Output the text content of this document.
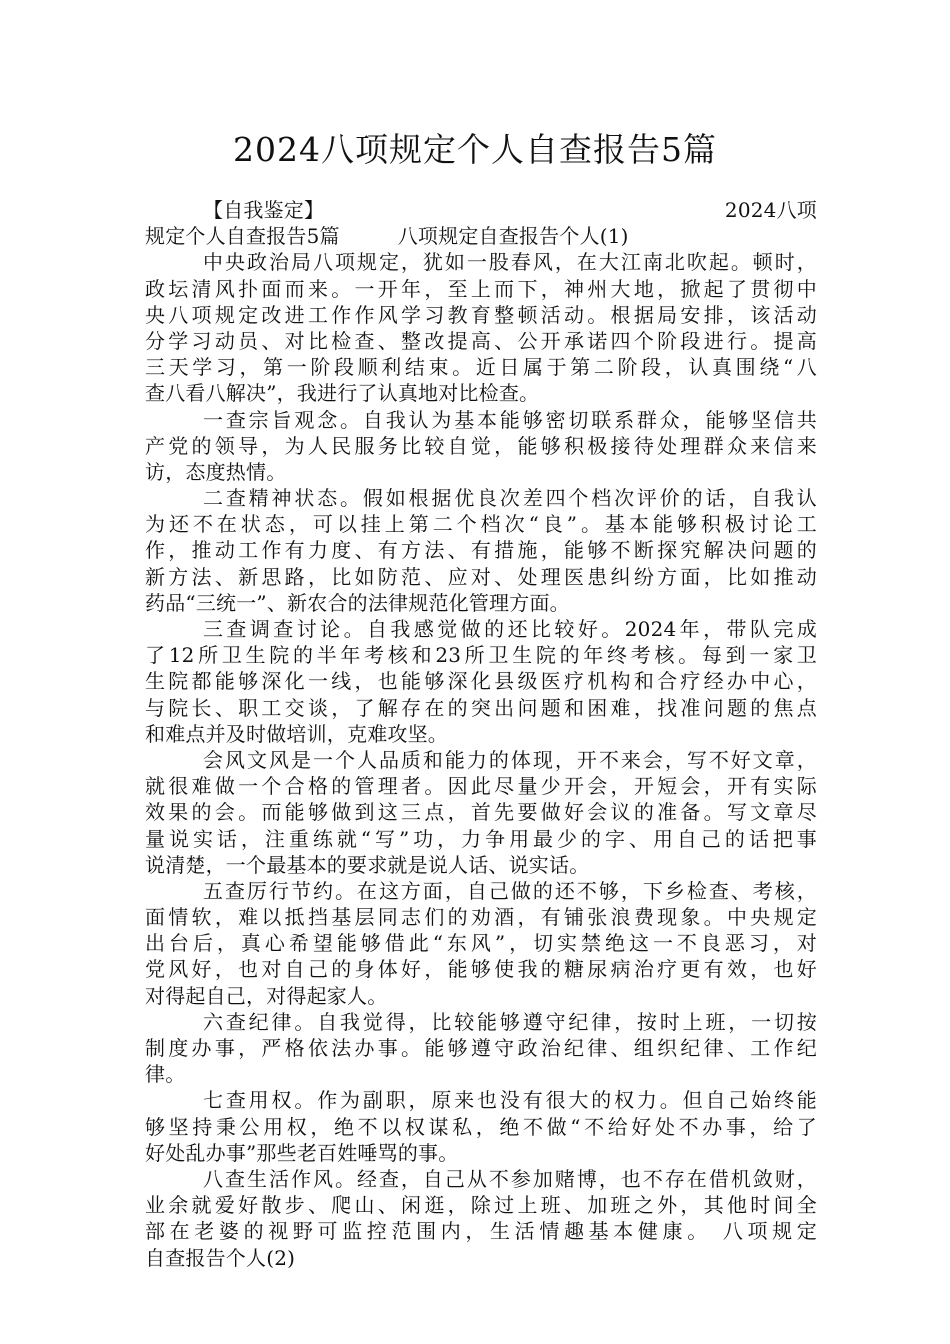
2024八项规定个人自查报告5篇
【自我鉴定】	2024八项
规定个人自查报告5篇	八项规定自查报告个人(1)
中央政治局八项规定，犹如一股春风，在大江南北吹起。顿时，
政坛清风扑面而来。一开年，至上而下，神州大地，掀起了贯彻中
央八项规定改进工作作风学习教育整顿活动。根据局安排，该活动
分学习动员、对比检查、整改提高、公开承诺四个阶段进行。提高
三天学习，第一阶段顺利结束。近日属于第二阶段，认真围绕“八
查八看八解决”，我进行了认真地对比检查。
一查宗旨观念。自我认为基本能够密切联系群众，能够坚信共
产党的领导，为人民服务比较自觉，能够积极接待处理群众来信来
访，态度热情。
二查精神状态。假如根据优良次差四个档次评价的话，自我认
为还不在状态，可以挂上第二个档次“良”。基本能够积极讨论工
作，推动工作有力度、有方法、有措施，能够不断探究解决问题的
新方法、新思路，比如防范、应对、处理医患纠纷方面，比如推动
药品“三统一”、新农合的法律规范化管理方面。
三查调查讨论。自我感觉做的还比较好。2024年，带队完成
了12所卫生院的半年考核和23所卫生院的年终考核。每到一家卫
生院都能够深化一线，也能够深化县级医疗机构和合疗经办中心，
与院长、职工交谈，了解存在的突出问题和困难，找准问题的焦点
和难点并及时做培训，克难攻坚。
会风文风是一个人品质和能力的体现，开不来会，写不好文章，
就很难做一个合格的管理者。因此尽量少开会，开短会，开有实际
效果的会。而能够做到这三点，首先要做好会议的准备。写文章尽
量说实话，注重练就“写”功，力争用最少的字、用自己的话把事
说清楚，一个最基本的要求就是说人话、说实话。
五查厉行节约。在这方面，自己做的还不够，下乡检查、考核，
面情软，难以抵挡基层同志们的劝酒，有铺张浪费现象。中央规定
出台后，真心希望能够借此“东风”，切实禁绝这一不良恶习，对
党风好，也对自己的身体好，能够使我的糖尿病治疗更有效，也好
对得起自己，对得起家人。
六查纪律。自我觉得，比较能够遵守纪律，按时上班，一切按
制度办事，严格依法办事。能够遵守政治纪律、组织纪律、工作纪
律。
七查用权。作为副职，原来也没有很大的权力。但自己始终能
够坚持秉公用权，绝不以权谋私，绝不做“不给好处不办事，给了
好处乱办事”那些老百姓唾骂的事。
八查生活作风。经查，自己从不参加赌博，也不存在借机敛财，
业余就爱好散步、爬山、闲逛，除过上班、加班之外，其他时间全
部在老婆的视野可监控范围内，生活情趣基本健康。 八项规定
自查报告个人(2)
